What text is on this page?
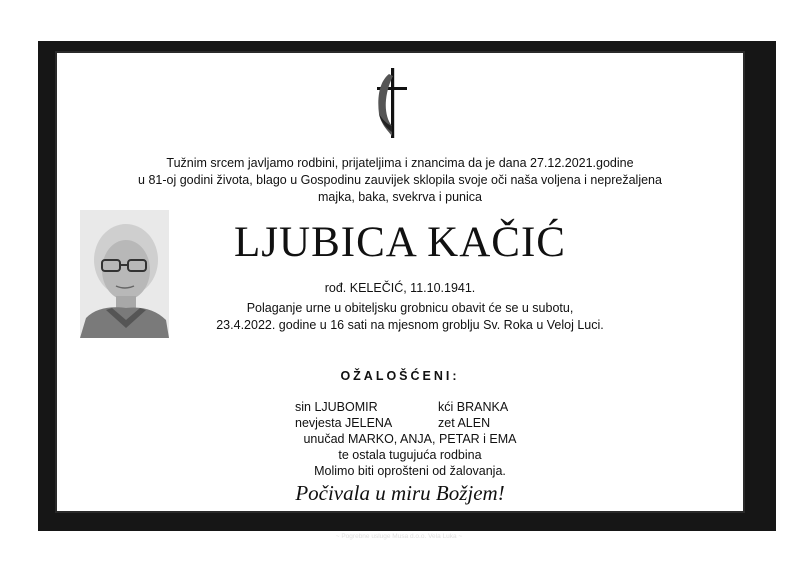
Tužnim srcem javljamo rodbini, prijateljima i znancima da je dana 27.12.2021.godine
u 81-oj godini života, blago u Gospodinu zauvijek sklopila svoje oči naša voljena i neprežaljena
majka, baka, svekrva i punica
LJUBICA KAČIĆ
rođ. KELEČIĆ, 11.10.1941.
Polaganje urne u obiteljsku grobnicu obavit će se u subotu,
23.4.2022. godine u 16 sati na mjesnom groblju Sv. Roka u Veloj Luci.
OŽALOŠĆENI:
sin LJUBOMIR	kći BRANKA
nevjesta JELENA	zet ALEN
unučad MARKO, ANJA, PETAR i EMA
te ostala tugujuća rodbina
Molimo biti oprošteni od žalovanja.
Počivala u miru Božjem!
~ Pogrebne usluge Musa d.o.o. Vela Luka ~
